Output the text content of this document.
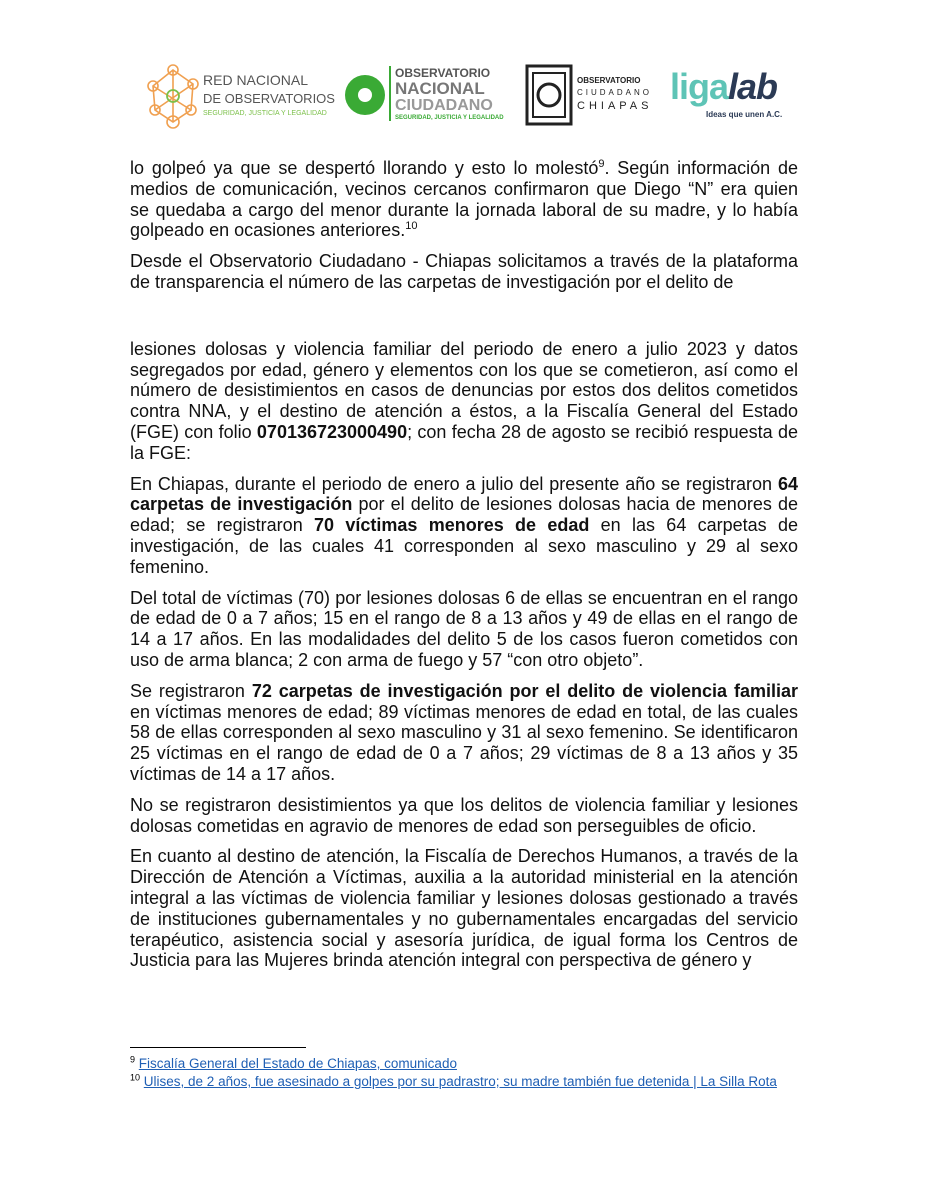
RED NACIONAL
DE OBSERVATORIOS
SEGURIDAD, JUSTICIA Y LEGALIDAD
OBSERVATORIO
NACIONAL
CIUDADANO
SEGURIDAD, JUSTICIA Y LEGALIDAD
OBSERVATORIO
CIUDADANO
CHIAPAS ligalab
Ideas que unen A.C.

lo golpeó ya que se despertó llorando y esto lo molestó$^9$. Según información de medios de comunicación, vecinos cercanos confirmaron que Diego “N” era quien se quedaba a cargo del menor durante la jornada laboral de su madre, y lo había golpeado en ocasiones anteriores.$^{10}$

Desde el Observatorio Ciudadano - Chiapas solicitamos a través de la plataforma de transparencia el número de las carpetas de investigación por el delito de

lesiones dolosas y violencia familiar del periodo de enero a julio 2023 y datos segregados por edad, género y elementos con los que se cometieron, así como el número de desistimientos en casos de denuncias por estos dos delitos cometidos contra NNA, y el destino de atención a éstos, a la Fiscalía General del Estado (FGE) con folio 070136723000490; con fecha 28 de agosto se recibió respuesta de la FGE:

En Chiapas, durante el periodo de enero a julio del presente año se registraron 64 carpetas de investigación por el delito de lesiones dolosas hacia de menores de edad; se registraron 70 víctimas menores de edad en las 64 carpetas de investigación, de las cuales 41 corresponden al sexo masculino y 29 al sexo femenino.

Del total de víctimas (70) por lesiones dolosas 6 de ellas se encuentran en el rango de edad de 0 a 7 años; 15 en el rango de 8 a 13 años y 49 de ellas en el rango de 14 a 17 años. En las modalidades del delito 5 de los casos fueron cometidos con uso de arma blanca; 2 con arma de fuego y 57 “con otro objeto”.

Se registraron 72 carpetas de investigación por el delito de violencia familiar en víctimas menores de edad; 89 víctimas menores de edad en total, de las cuales 58 de ellas corresponden al sexo masculino y 31 al sexo femenino. Se identificaron 25 víctimas en el rango de edad de 0 a 7 años; 29 víctimas de 8 a 13 años y 35 víctimas de 14 a 17 años.

No se registraron desistimientos ya que los delitos de violencia familiar y lesiones dolosas cometidas en agravio de menores de edad son perseguibles de oficio.

En cuanto al destino de atención, la Fiscalía de Derechos Humanos, a través de la Dirección de Atención a Víctimas, auxilia a la autoridad ministerial en la atención integral a las víctimas de violencia familiar y lesiones dolosas gestionado a través de instituciones gubernamentales y no gubernamentales encargadas del servicio terapéutico, asistencia social y asesoría jurídica, de igual forma los Centros de Justicia para las Mujeres brinda atención integral con perspectiva de género y

$^9$ Fiscalía General del Estado de Chiapas, comunicado
$^{10}$ Ulises, de 2 años, fue asesinado a golpes por su padrastro; su madre también fue detenida | La Silla Rota
